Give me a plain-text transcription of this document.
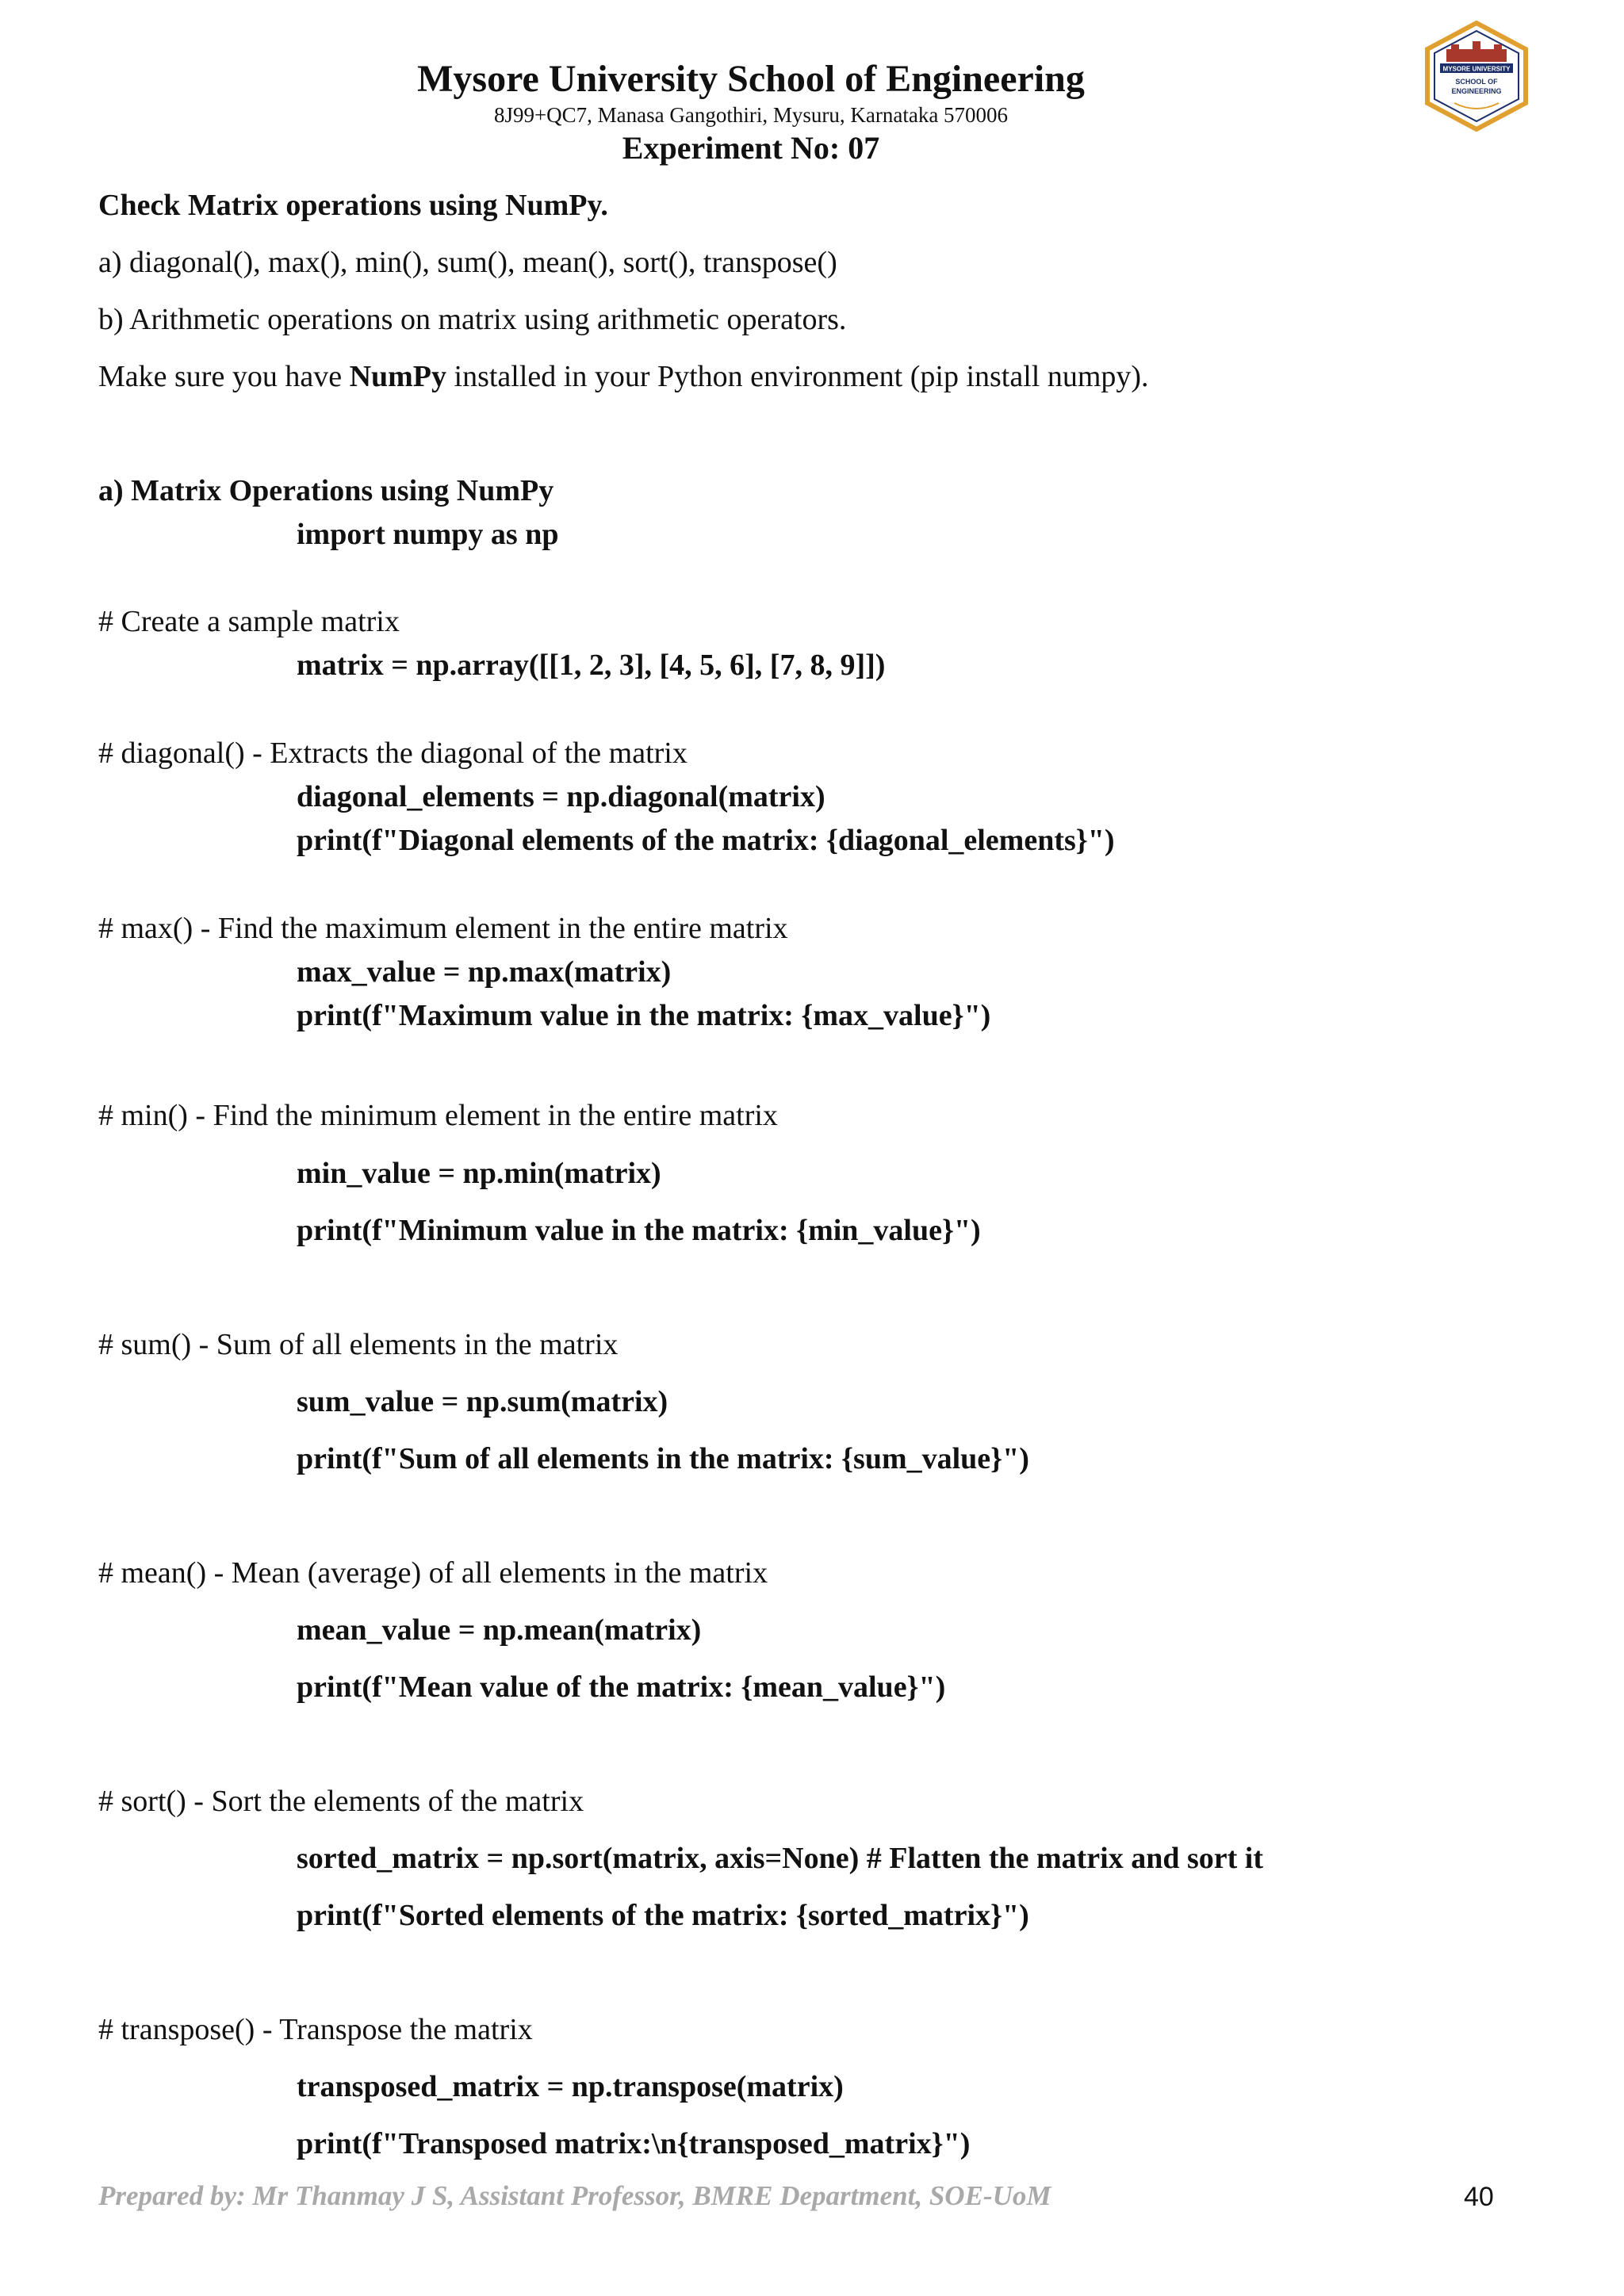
Mysore University School of Engineering
8J99+QC7, Manasa Gangothiri, Mysuru, Karnataka 570006
Experiment No: 07
MYSORE UNIVERSITY
SCHOOL OF
ENGINEERING
Check Matrix operations using NumPy.
a) diagonal(), max(), min(), sum(), mean(), sort(), transpose()
b) Arithmetic operations on matrix using arithmetic operators.
Make sure you have NumPy installed in your Python environment (pip install numpy).
a) Matrix Operations using NumPy
import numpy as np
# Create a sample matrix
matrix = np.array([[1, 2, 3], [4, 5, 6], [7, 8, 9]])
# diagonal() - Extracts the diagonal of the matrix
diagonal_elements = np.diagonal(matrix)
print(f"Diagonal elements of the matrix: {diagonal_elements}")
# max() - Find the maximum element in the entire matrix
max_value = np.max(matrix)
print(f"Maximum value in the matrix: {max_value}")
# min() - Find the minimum element in the entire matrix
min_value = np.min(matrix)
print(f"Minimum value in the matrix: {min_value}")
# sum() - Sum of all elements in the matrix
sum_value = np.sum(matrix)
print(f"Sum of all elements in the matrix: {sum_value}")
# mean() - Mean (average) of all elements in the matrix
mean_value = np.mean(matrix)
print(f"Mean value of the matrix: {mean_value}")
# sort() - Sort the elements of the matrix
sorted_matrix = np.sort(matrix, axis=None) # Flatten the matrix and sort it
print(f"Sorted elements of the matrix: {sorted_matrix}")
# transpose() - Transpose the matrix
transposed_matrix = np.transpose(matrix)
print(f"Transposed matrix:\n{transposed_matrix}")
Prepared by: Mr Thanmay J S, Assistant Professor, BMRE Department, SOE-UoM	40
